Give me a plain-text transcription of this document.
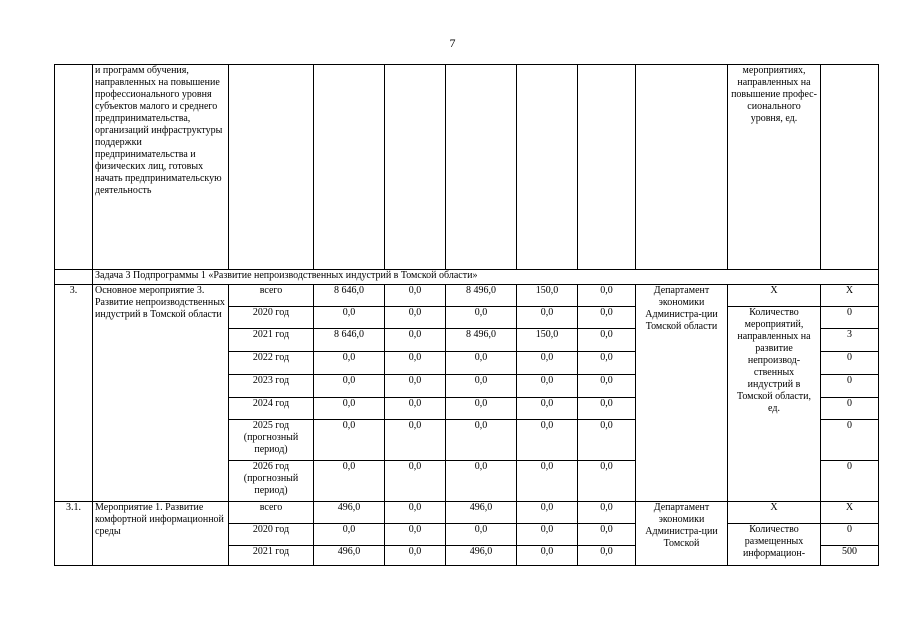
7
	и программ обучения, направленных на повышение профессионального уровня субъектов малого и среднего предпринимательства, организаций инфраструктуры поддержки предпринимательства и физических лиц, готовых начать предпринимательскую деятельность								мероприятиях, направленных на повышение профес-сионального уровня, ед.	
	Задача 3 Подпрограммы 1 «Развитие непроизводственных индустрий в Томской области»									
3.	Основное мероприятие 3. Развитие непроизводственных индустрий в Томской области	всего	8 646,0	0,0	8 496,0	150,0	0,0	Департамент экономики Администра-ции Томской области	Х	Х
		2020 год	0,0	0,0	0,0	0,0	0,0		Количество мероприятий, направленных на развитие непроизвод-ственных индустрий в Томской области, ед.	0
		2021 год	8 646,0	0,0	8 496,0	150,0	0,0			3
		2022 год	0,0	0,0	0,0	0,0	0,0			0
		2023 год	0,0	0,0	0,0	0,0	0,0			0
		2024 год	0,0	0,0	0,0	0,0	0,0			0
		2025 год (прогнозный период)	0,0	0,0	0,0	0,0	0,0			0
		2026 год (прогнозный период)	0,0	0,0	0,0	0,0	0,0			0
3.1.	Мероприятие 1. Развитие комфортной информационной среды	всего	496,0	0,0	496,0	0,0	0,0	Департамент экономики Администра-ции Томской	Х	Х
		2020 год	0,0	0,0	0,0	0,0	0,0		Количество размещенных информацион-	0
		2021 год	496,0	0,0	496,0	0,0	0,0			500
